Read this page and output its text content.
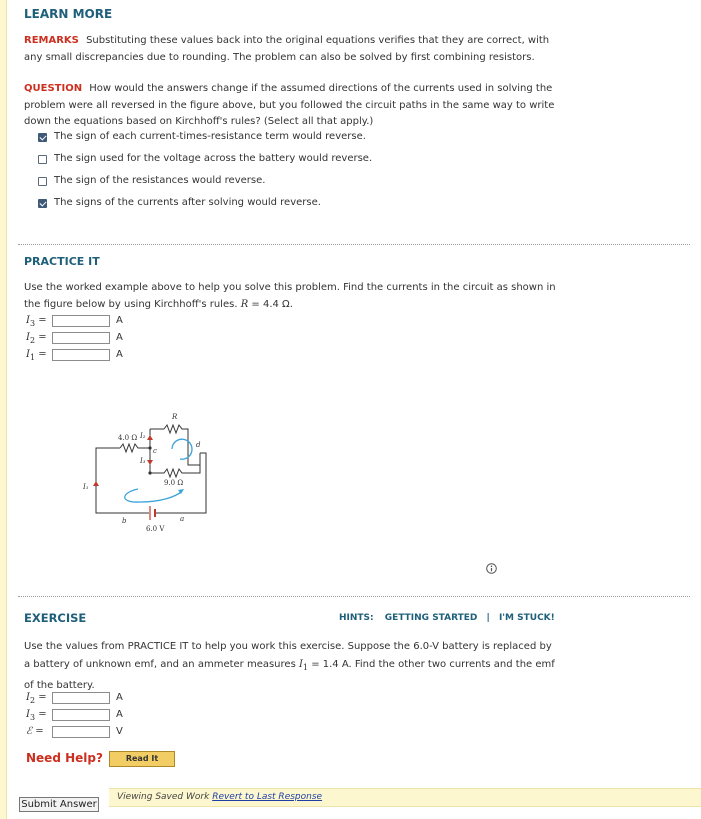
LEARN MORE
REMARKS Substituting these values back into the original equations verifies that they are correct, with
any small discrepancies due to rounding. The problem can also be solved by first combining resistors.
QUESTION How would the answers change if the assumed directions of the currents used in solving the
problem were all reversed in the figure above, but you followed the circuit paths in the same way to write
down the equations based on Kirchhoff's rules? (Select all that apply.)
The sign of each current-times-resistance term would reverse.
The sign used for the voltage across the battery would reverse.
The sign of the resistances would reverse.
The signs of the currents after solving would reverse.
PRACTICE IT
Use the worked example above to help you solve this problem. Find the currents in the circuit as shown in
the figure below by using Kirchhoff's rules. R = 4.4 Ω.
$I_3$ =	A
$I_2$ =	A
$I_1$ =	A
R
4.0 Ω
9.0 Ω
6.0 V
I₁
I₂
I₃
a
b
c
d
EXERCISE	HINTS: GETTING STARTED | I'M STUCK!
Use the values from PRACTICE IT to help you work this exercise. Suppose the 6.0-V battery is replaced by
a battery of unknown emf, and an ammeter measures $I_1 = 1.4$ A. Find the other two currents and the emf
of the battery.
$I_2$ =	A
$I_3$ =	A
ℰ =	V
Need Help?	Read It
Viewing Saved Work Revert to Last Response
Submit Answer
